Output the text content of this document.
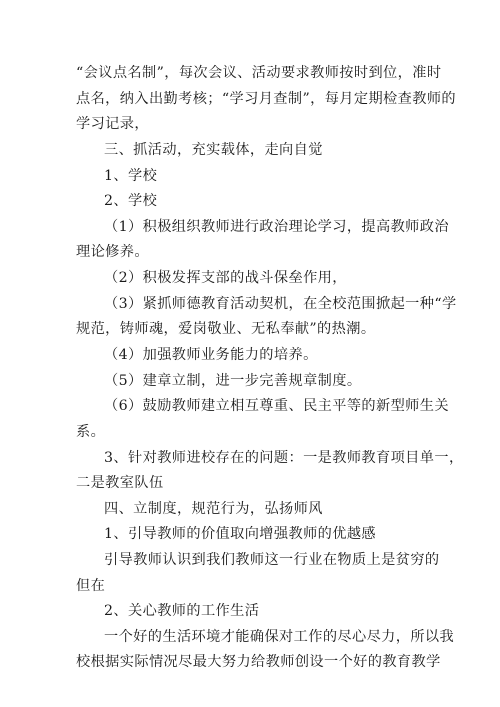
“会议点名制”，每次会议、活动要求教师按时到位，准时
点名，纳入出勤考核；“学习月查制”，每月定期检查教师的
学习记录，
三、抓活动，充实载体，走向自觉
1、学校
2、学校
（1）积极组织教师进行政治理论学习，提高教师政治
理论修养。
（2）积极发挥支部的战斗保垒作用，
（3）紧抓师德教育活动契机，在全校范围掀起一种“学
规范，铸师魂，爱岗敬业、无私奉献”的热潮。
（4）加强教师业务能力的培养。
（5）建章立制，进一步完善规章制度。
（6）鼓励教师建立相互尊重、民主平等的新型师生关
系。
3、针对教师进校存在的问题：一是教师教育项目单一，
二是教室队伍
四、立制度，规范行为，弘扬师风
1、引导教师的价值取向增强教师的优越感
引导教师认识到我们教师这一行业在物质上是贫穷的
但在
2、关心教师的工作生活
一个好的生活环境才能确保对工作的尽心尽力，所以我
校根据实际情况尽最大努力给教师创设一个好的教育教学
